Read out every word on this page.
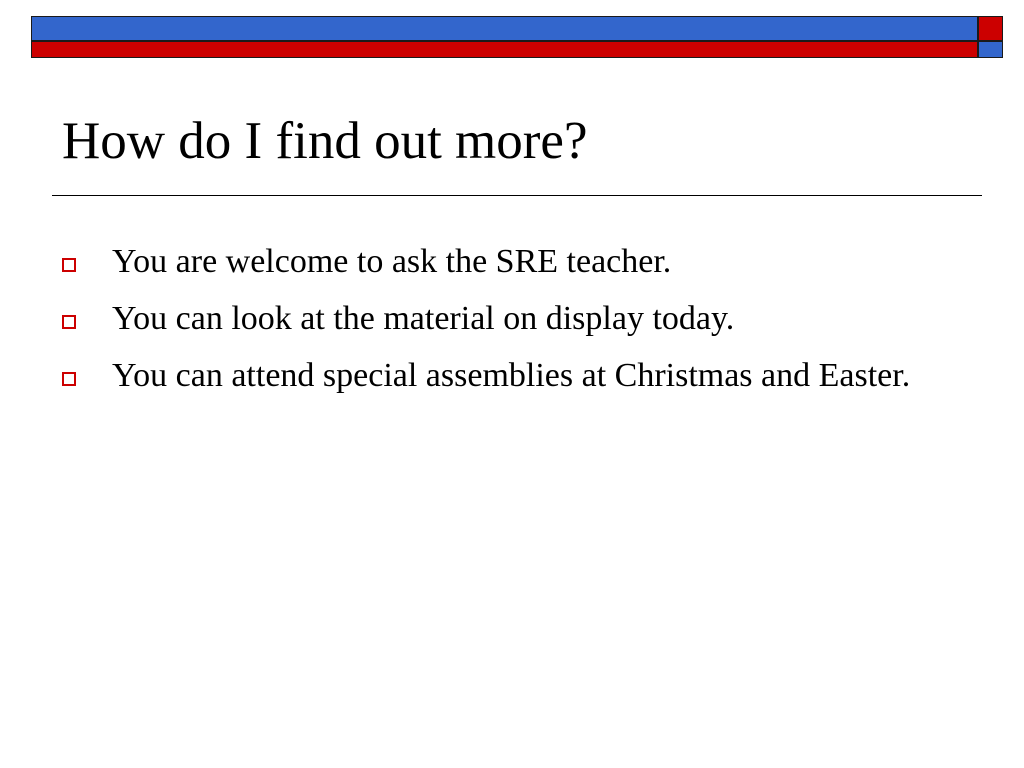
How do I find out more?
You are welcome to ask the SRE teacher.
You can look at the material on display today.
You can attend special assemblies at Christmas and Easter.
